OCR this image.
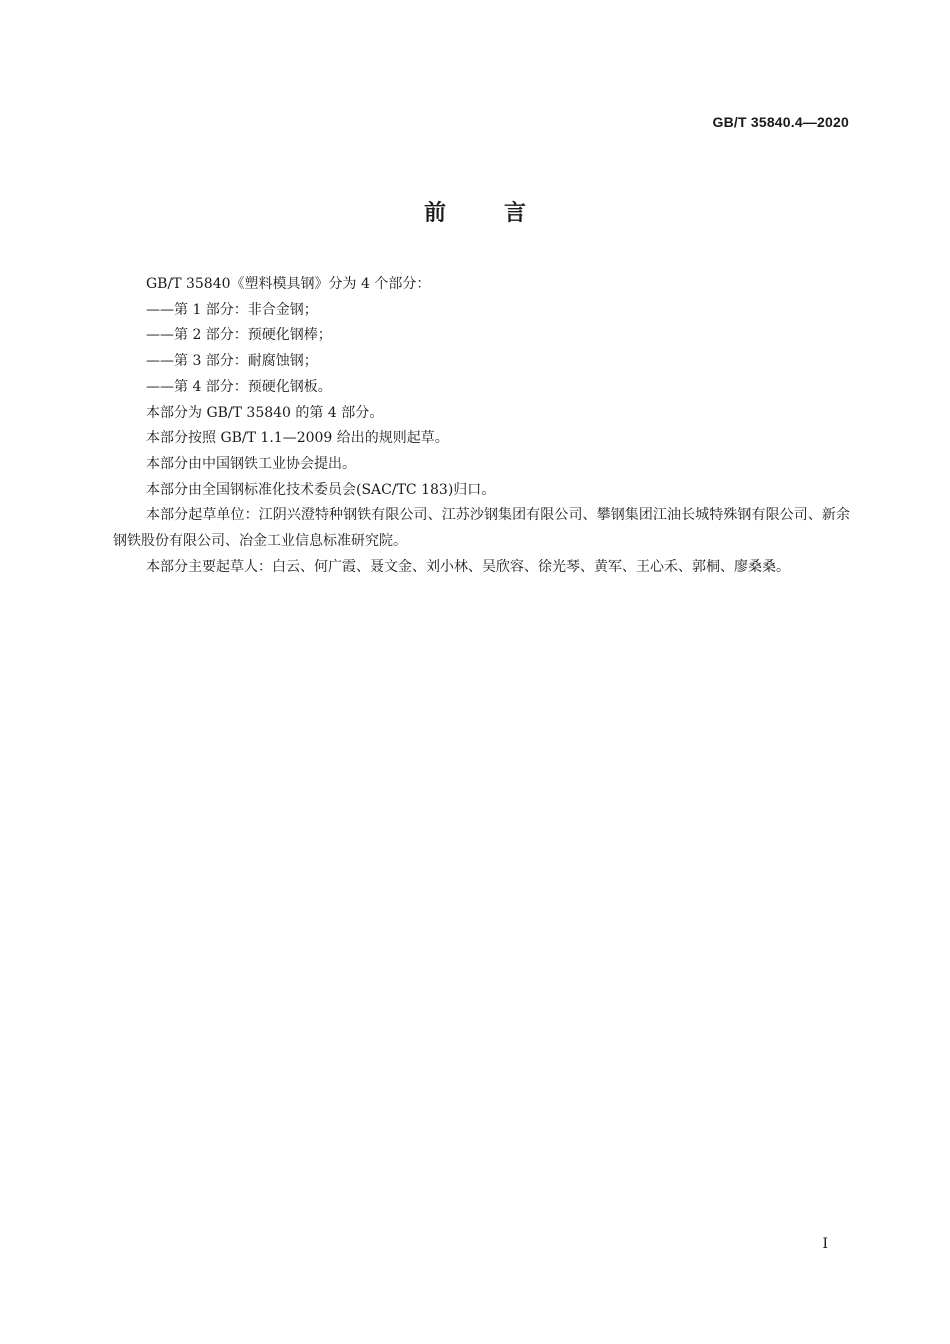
GB/T 35840.4—2020
前言

GB/T 35840《塑料模具钢》分为 4 个部分：

——第 1 部分：非合金钢；

——第 2 部分：预硬化钢棒；

——第 3 部分：耐腐蚀钢；

——第 4 部分：预硬化钢板。

本部分为 GB/T 35840 的第 4 部分。

本部分按照 GB/T 1.1—2009 给出的规则起草。

本部分由中国钢铁工业协会提出。

本部分由全国钢标准化技术委员会(SAC/TC 183)归口。

本部分起草单位：江阴兴澄特种钢铁有限公司、江苏沙钢集团有限公司、攀钢集团江油长城特殊钢有限公司、新余钢铁股份有限公司、冶金工业信息标准研究院。

本部分主要起草人：白云、何广霞、聂文金、刘小林、吴欣容、徐光琴、黄军、王心禾、郭桐、廖桑桑。

I
